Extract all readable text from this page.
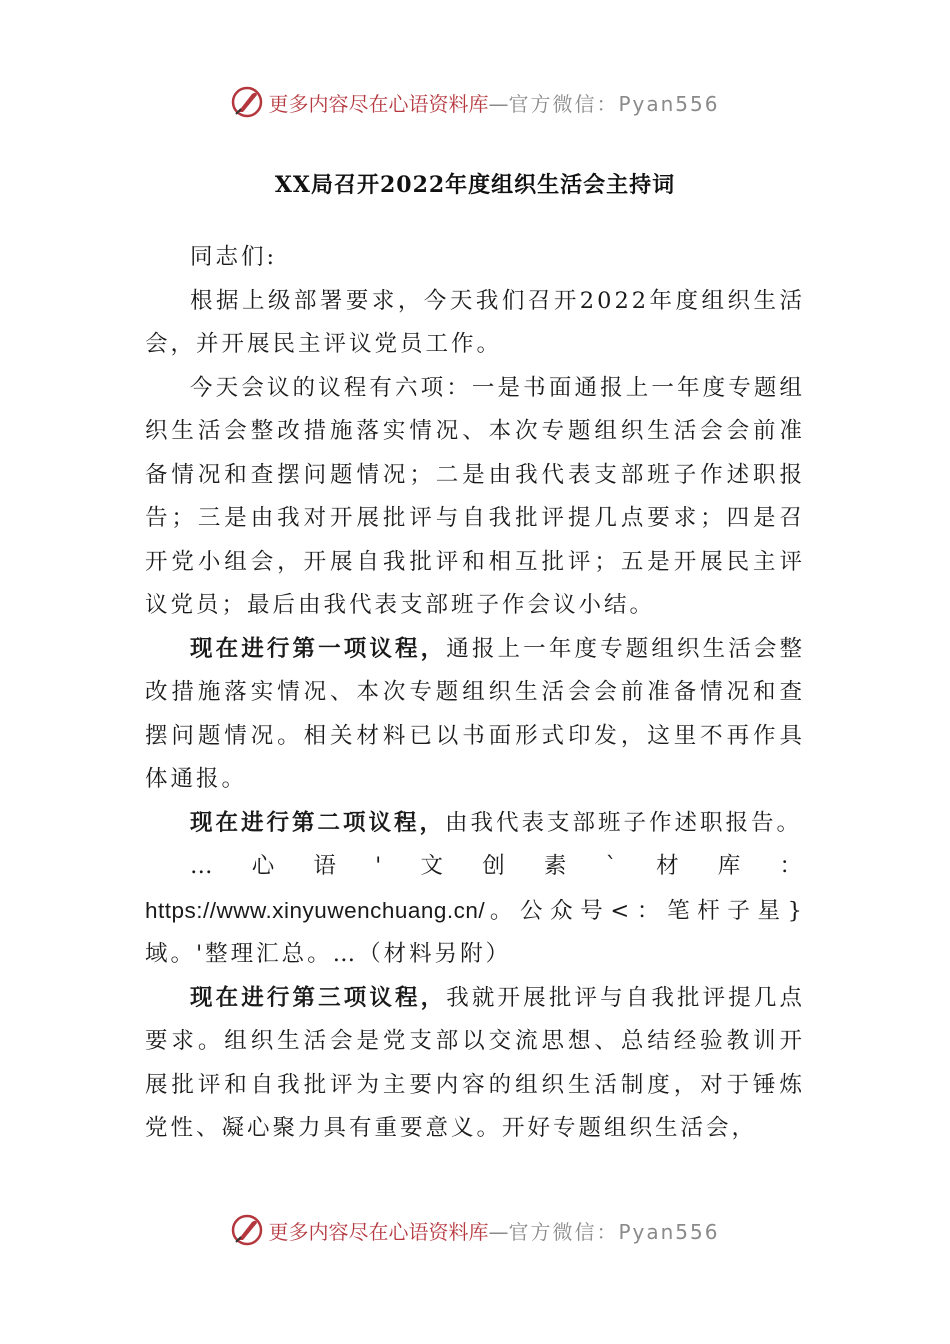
更多内容尽在心语资料库—官方微信：Pyan556
XX局召开2022年度组织生活会主持词

同志们:

根据上级部署要求，今天我们召开2022年度组织生活会，并开展民主评议党员工作。

今天会议的议程有六项：一是书面通报上一年度专题组织生活会整改措施落实情况、本次专题组织生活会会前准备情况和查摆问题情况；二是由我代表支部班子作述职报告；三是由我对开展批评与自我批评提几点要求；四是召开党小组会，开展自我批评和相互批评；五是开展民主评议党员；最后由我代表支部班子作会议小结。

现在进行第一项议程，通报上一年度专题组织生活会整改措施落实情况、本次专题组织生活会会前准备情况和查摆问题情况。相关材料已以书面形式印发，这里不再作具体通报。

现在进行第二项议程，由我代表支部班子作述职报告。

…心语'文创素`材库：https://www.xinyuwenchuang.cn/。公众号<：笔杆子星}域。'整理汇总。…（材料另附）

现在进行第三项议程，我就开展批评与自我批评提几点要求。组织生活会是党支部以交流思想、总结经验教训开展批评和自我批评为主要内容的组织生活制度，对于锤炼党性、凝心聚力具有重要意义。开好专题组织生活会，

更多内容尽在心语资料库—官方微信：Pyan556
